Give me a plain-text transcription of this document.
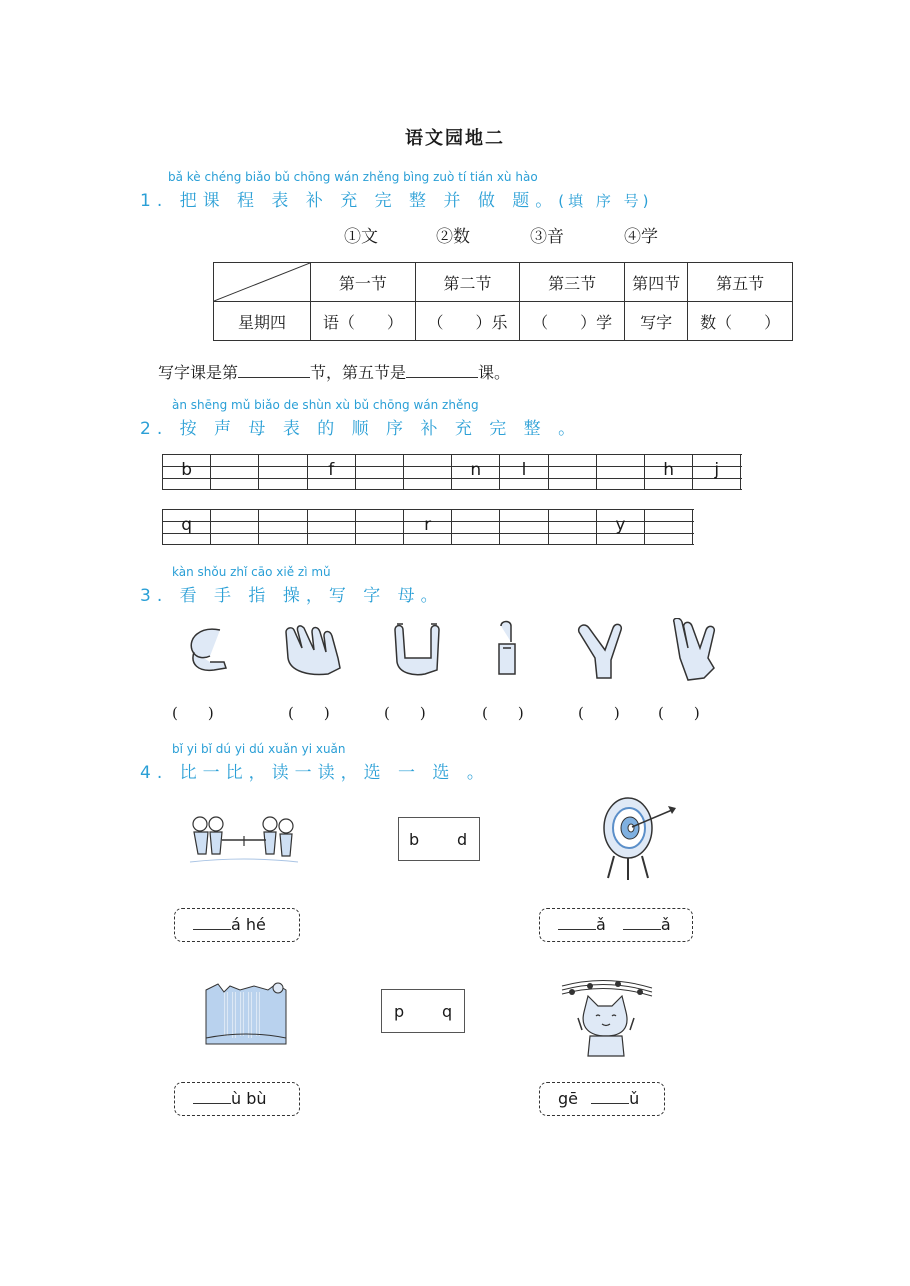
语文园地二
bǎ kè chéng biǎo bǔ chōng wán zhěng bìng zuò tí tián xù hào
1. 把课 程 表 补 充 完 整 并 做 题。(填 序 号)
①文	②数	③音	④学
	第一节	第二节	第三节	第四节	第五节
星期四	语（　　）	（　　）乐	（　　）学	写字	数（　　）
写字课是第	节，第五节是	课。
àn shēng mǔ biǎo de shùn xù bǔ chōng wán zhěng
2. 按 声 母 表 的 顺 序 补 充 完 整 。
b	f	n	l	h	j
q	r	y
kàn shǒu zhǐ cāo xiě zì mǔ
3. 看 手 指 操，写 字 母。
(　　)	(　　)	(　　)	(　　)	(　　)	(　　)
bǐ yi bǐ dú yi dú xuǎn yi xuǎn
4. 比一比，读一读，选 一 选 。
b d
á hé	ǎ	ǎ
p q
ù bù	gē	ǔ
